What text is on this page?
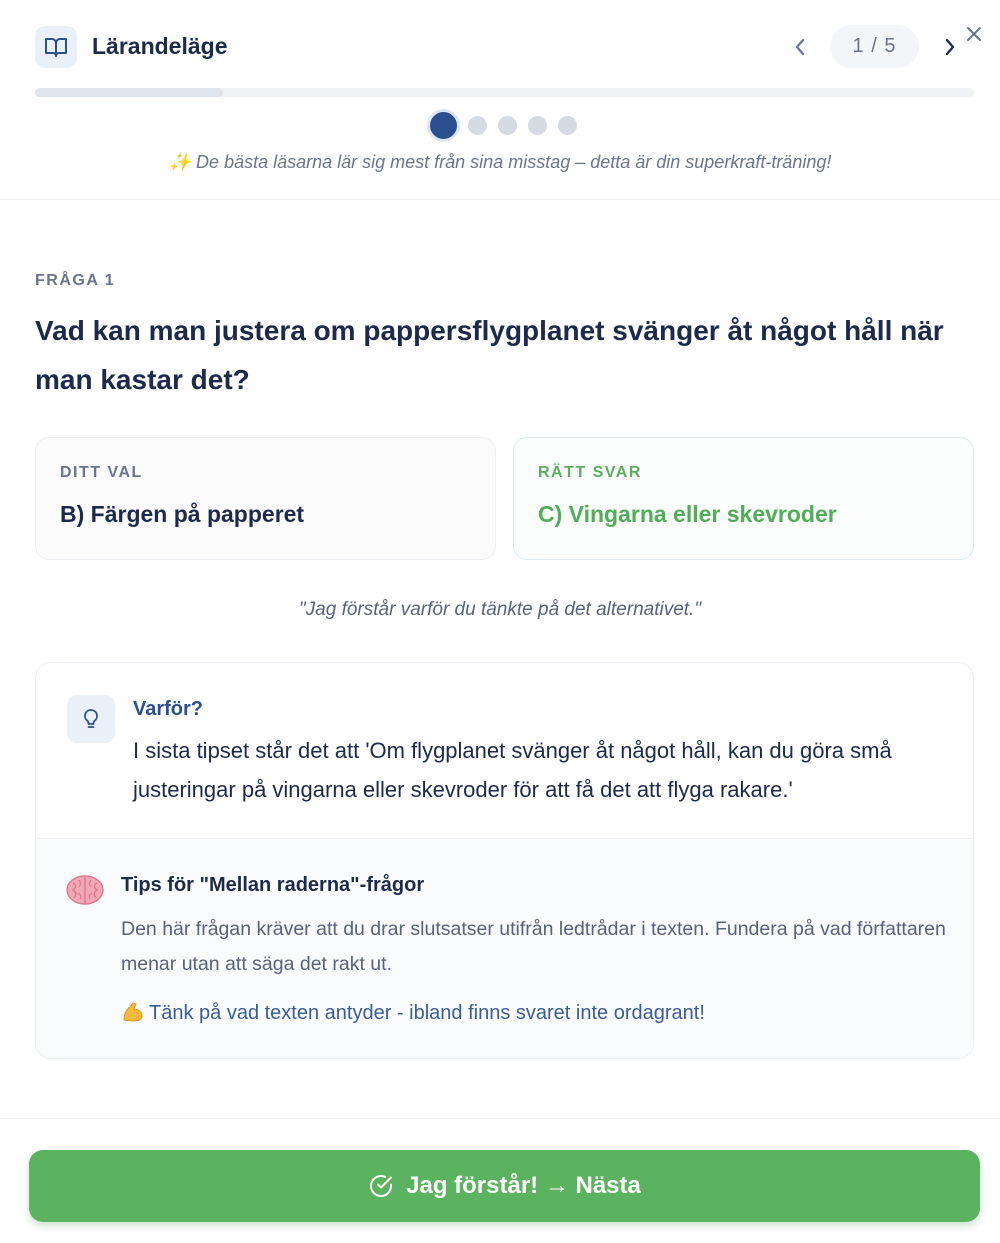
Lärandeläge	1 / 5
✨ De bästa läsarna lär sig mest från sina misstag – detta är din superkraft-träning!
FRÅGA 1
Vad kan man justera om pappersflygplanet svänger åt något håll när man kastar det?
DITT VAL
B) Färgen på papperet
RÄTT SVAR
C) Vingarna eller skevroder
"Jag förstår varför du tänkte på det alternativet."
Varför?
I sista tipset står det att 'Om flygplanet svänger åt något håll, kan du göra små justeringar på vingarna eller skevroder för att få det att flyga rakare.'
Tips för "Mellan raderna"-frågor
Den här frågan kräver att du drar slutsatser utifrån ledtrådar i texten. Fundera på vad författaren menar utan att säga det rakt ut.
Tänk på vad texten antyder - ibland finns svaret inte ordagrant!
Jag förstår! → Nästa
